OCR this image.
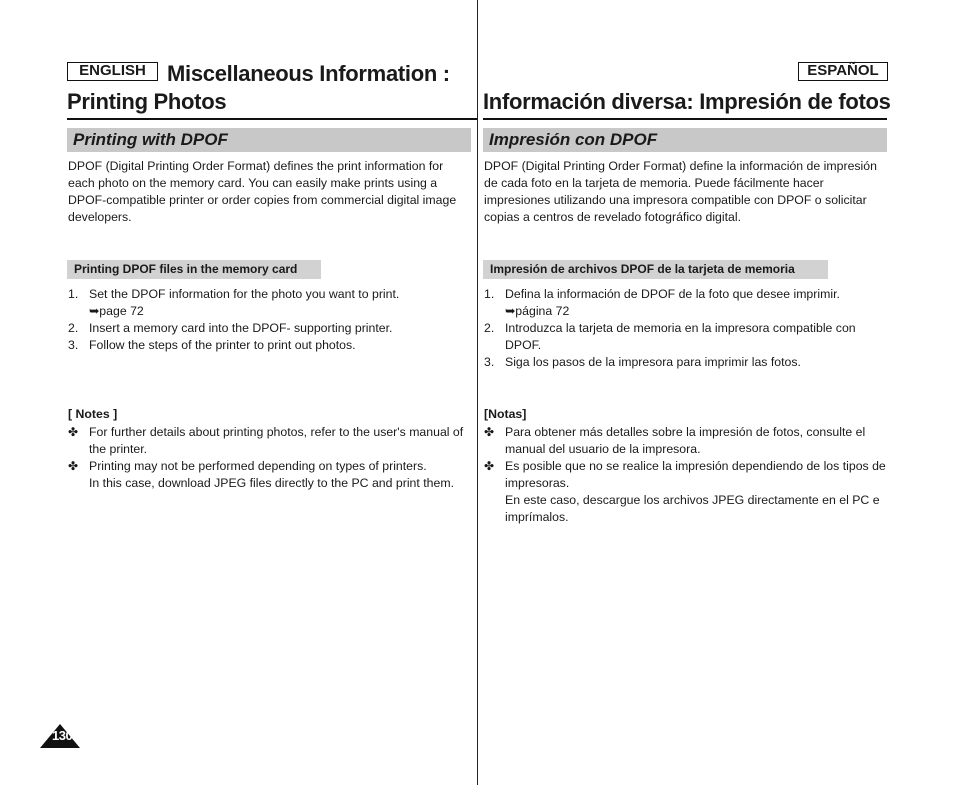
ENGLISH Miscellaneous Information :
Printing Photos
Printing with DPOF

DPOF (Digital Printing Order Format) defines the print information for each photo on the memory card. You can easily make prints using a DPOF-compatible printer or order copies from commercial digital image developers.

Printing DPOF files in the memory card
1. Set the DPOF information for the photo you want to print.
➥page 72
2. Insert a memory card into the DPOF- supporting printer.
3. Follow the steps of the printer to print out photos.
[ Notes ]
✤ For further details about printing photos, refer to the user's manual of the printer.
✤ Printing may not be performed depending on types of printers.
In this case, download JPEG files directly to the PC and print them.
ESPAÑOL
Información diversa: Impresión de fotos
Impresión con DPOF

DPOF (Digital Printing Order Format) define la información de impresión de cada foto en la tarjeta de memoria. Puede fácilmente hacer impresiones utilizando una impresora compatible con DPOF o solicitar copias a centros de revelado fotográfico digital.

Impresión de archivos DPOF de la tarjeta de memoria
1. Defina la información de DPOF de la foto que desee imprimir.
➥página 72
2. Introduzca la tarjeta de memoria en la impresora compatible con DPOF.
3. Siga los pasos de la impresora para imprimir las fotos.
[Notas]
✤ Para obtener más detalles sobre la impresión de fotos, consulte el manual del usuario de la impresora.
✤ Es posible que no se realice la impresión dependiendo de los tipos de impresoras.
En este caso, descargue los archivos JPEG directamente en el PC e imprímalos.
130
